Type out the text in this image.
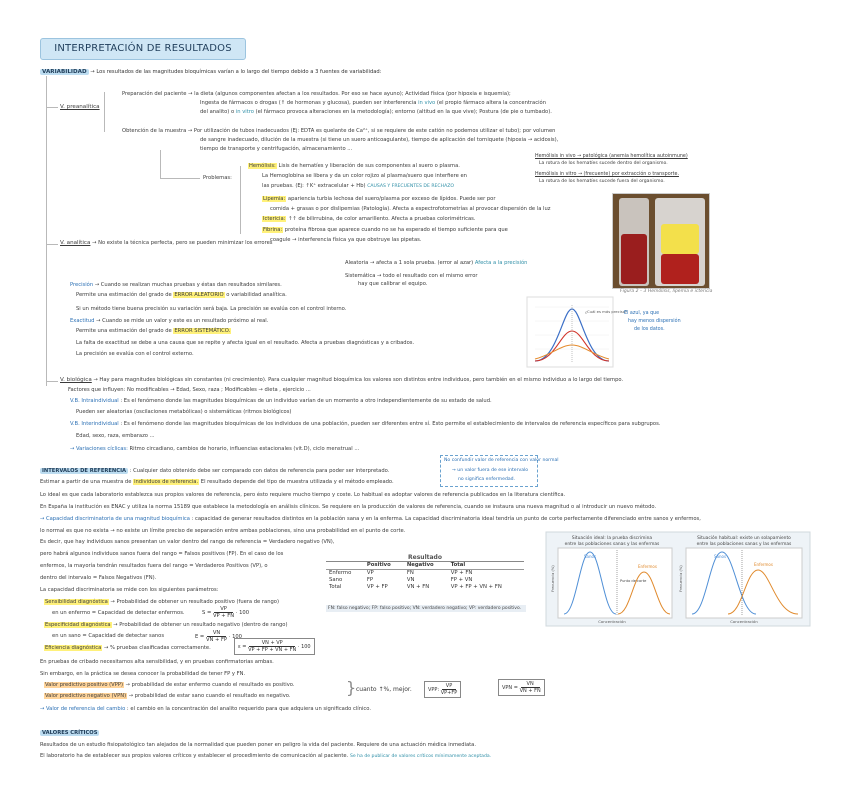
INTERPRETACIÓN DE RESULTADOS
VARIABILIDAD → Los resultados de las magnitudes bioquímicas varían a lo largo del tiempo debido a 3 fuentes de variabilidad:
V. preanalítica
Preparación del paciente → la dieta (algunos componentes afectan a los resultados. Por eso se hace ayuno); Actividad física (por hipoxia e isquemia);
Ingesta de fármacos o drogas (↑ de hormonas y glucosa), pueden ser interferencia in vivo (el propio fármaco altera la concentración
del analito) o in vitro (el fármaco provoca alteraciones en la metodología); entorno (altitud en la que vive); Postura (de pie o tumbado).
Obtención de la muestra → Por utilización de tubos inadecuados (Ej: EDTA es quelante de Ca²⁺, si se requiere de este catión no podemos utilizar el tubo); por volumen
de sangre inadecuado, dilución de la muestra (si tiene un suero anticoagulante), tiempo de aplicación del torniquete (hipoxia → acidosis),
tiempo de transporte y centrifugación, almacenamiento ...
Problemas:
Hemólisis: Lisis de hematíes y liberación de sus componentes al suero o plasma.
La Hemoglobina se libera y da un color rojizo al plasma/suero que interfiere en
las pruebas. (Ej: ↑K⁺ extracelular + Hb) CAUSAS Y FRECUENTES DE RECHAZO
Hemólisis in vivo → patológica (anemia hemolítica autoinmune)
La rotura de los hematíes sucede dentro del organismo.
Hemólisis in vitro → (frecuente) por extracción o transporte.
La rotura de los hematíes sucede fuera del organismo.
Lipemia: apariencia turbia lechosa del suero/plasma por exceso de lípidos. Puede ser por
comida + grasas o por dislipemias (Patología). Afecta a espectrofotometrías al provocar dispersión de la luz
Ictericia: ↑↑ de bilirrubina, de color amarillento. Afecta a pruebas colorimétricas.
Fibrina: proteína fibrosa que aparece cuando no se ha esperado el tiempo suficiente para que
coagule → interferencia física ya que obstruye las pipetas.
Figura 2 – 3 Hemólisis, lipemia e ictericia
V. analítica → No existe la técnica perfecta, pero se pueden minimizar los errores
Aleatoria → afecta a 1 sola prueba. (error al azar) Afecta a la precisión
Sistemática → todo el resultado con el mismo error
hay que calibrar el equipo.
Precisión → Cuando se realizan muchas pruebas y éstas dan resultados similares.
Permite una estimación del grado de ERROR ALEATORIO o variabilidad analítica.
Si un método tiene buena precisión su variación será baja. La precisión se evalúa con el control interno.
Exactitud → Cuando se mide un valor y este es un resultado próximo al real.
Permite una estimación del grado de ERROR SISTEMÁTICO.
La falta de exactitud se debe a una causa que se repite y afecta igual en el resultado. Afecta a pruebas diagnósticas y a cribados.
La precisión se evalúa con el control externo.
¿Cuál es más preciso?
El azul, ya que
hay menos dispersión
de los datos.
V. biológica → Hay para magnitudes biológicas sin constantes (ni crecimiento). Para cualquier magnitud bioquímica los valores son distintos entre individuos, pero también en el mismo individuo a lo largo del tiempo.
Factores que influyen: No modificables → Edad, Sexo, raza ; Modificables → dieta , ejercicio ...
V.B. Intraindividual : Es el fenómeno donde las magnitudes bioquímicas de un individuo varían de un momento a otro independientemente de su estado de salud.
Pueden ser aleatorias (oscilaciones metabólicas) o sistemáticas (ritmos biológicos)
V.B. Interindividual : Es el fenómeno donde las magnitudes bioquímicas de los individuos de una población, pueden ser diferentes entre sí. Esto permite el establecimiento de intervalos de referencia específicos para subgrupos.
Edad, sexo, raza, embarazo ...
→ Variaciones cíclicas: Ritmo circadiano, cambios de horario, influencias estacionales (vit.D), ciclo menstrual ...
No confundir valor de referencia con valor normal
→ un valor fuera de ese intervalo
no significa enfermedad.
INTERVALOS DE REFERENCIA : Cualquier dato obtenido debe ser comparado con datos de referencia para poder ser interpretado.
Estimar a partir de una muestra de individuos de referencia. El resultado depende del tipo de muestra utilizada y el método empleado.
Lo ideal es que cada laboratorio establezca sus propios valores de referencia, pero ésto requiere mucho tiempo y coste. Lo habitual es adoptar valores de referencia publicados en la literatura científica.
En España la institución es ENAC y utiliza la norma 15189 que establece la metodología en análisis clínicos. Se requiere en la producción de valores de referencia, cuando se instaura una nueva magnitud o al introducir un nuevo método.
→ Capacidad discriminatoria de una magnitud bioquímica : capacidad de generar resultados distintos en la población sana y en la enferma. La capacidad discriminatoria ideal tendría un punto de corte perfectamente diferenciado entre sanos y enfermos,
lo normal es que no exista → no existe un límite preciso de separación entre ambas poblaciones, sino una probabilidad en el punto de corte.
Es decir, que hay individuos sanos presentan un valor dentro del rango de referencia = Verdadero negativo (VN),
pero habrá algunos individuos sanos fuera del rango = Falsos positivos (FP). En el caso de los
enfermos, la mayoría tendrán resultados fuera del rango = Verdaderos Positivos (VP), o
dentro del intervalo = Falsos Negativos (FN).
La capacidad discriminatoria se mide con los siguientes parámetros:
Sensibilidad diagnóstica → Probabilidad de obtener un resultado positivo (fuera de rango)
en un enfermo = Capacidad de detectar enfermos.	$S = \frac{VP}{VP + FN} \cdot 100$
Especificidad diagnóstica → Probabilidad de obtener un resultado negativo (dentro de rango)
en un sano = Capacidad de detectar sanos	$E = \frac{VN}{VN + FP} \cdot 100$
Eficiencia diagnóstica → % pruebas clasificadas correctamente.	$\varepsilon = \frac{VN + VP}{VP + FP + VN + FN} \cdot 100$
En pruebas de cribado necesitamos alta sensibilidad, y en pruebas confirmatorias ambas.
Sin embargo, en la práctica se desea conocer la probabilidad de tener FP y FN.
Valor predictivo positivo (VPP) → probabilidad de estar enfermo cuando el resultado es positivo.
Valor predictivo negativo (VPN) → probabilidad de estar sano cuando el resultado es negativo.	} cuanto ↑%, mejor.	VPP: $\frac{VP}{VP+FP}$	VPN = $\frac{VN}{VN + FN}$
→ Valor de referencia del cambio : el cambio en la concentración del analito requerido para que adquiera un significado clínico.
Resultado
	Positivo	Negativo	Total
Enfermo	VP	FN	VP + FN
Sano	FP	VN	FP + VN
Total	VP + FP	VN + FN	VP + FP + VN + FN
FN: falso negativo; FP: falso positivo; VN: verdadero negativo; VP: verdadero positivo.
Situación ideal: la prueba discrimina
entre las poblaciones sanas y las enfermas
Sanos
Enfermos
Punto de corte
Concentración
Frecuencia (%)
Situación habitual: existe un solapamiento
entre las poblaciones sanas y las enfermas
Sanos
Enfermos
Concentración
Frecuencia (%)
VALORES CRÍTICOS
Resultados de un estudio fisiopatológico tan alejados de la normalidad que pueden poner en peligro la vida del paciente. Requiere de una actuación médica inmediata.
El laboratorio ha de establecer sus propios valores críticos y establecer el procedimiento de comunicación al paciente. Se ha de publicar de valores críticos mínimamente aceptada.
